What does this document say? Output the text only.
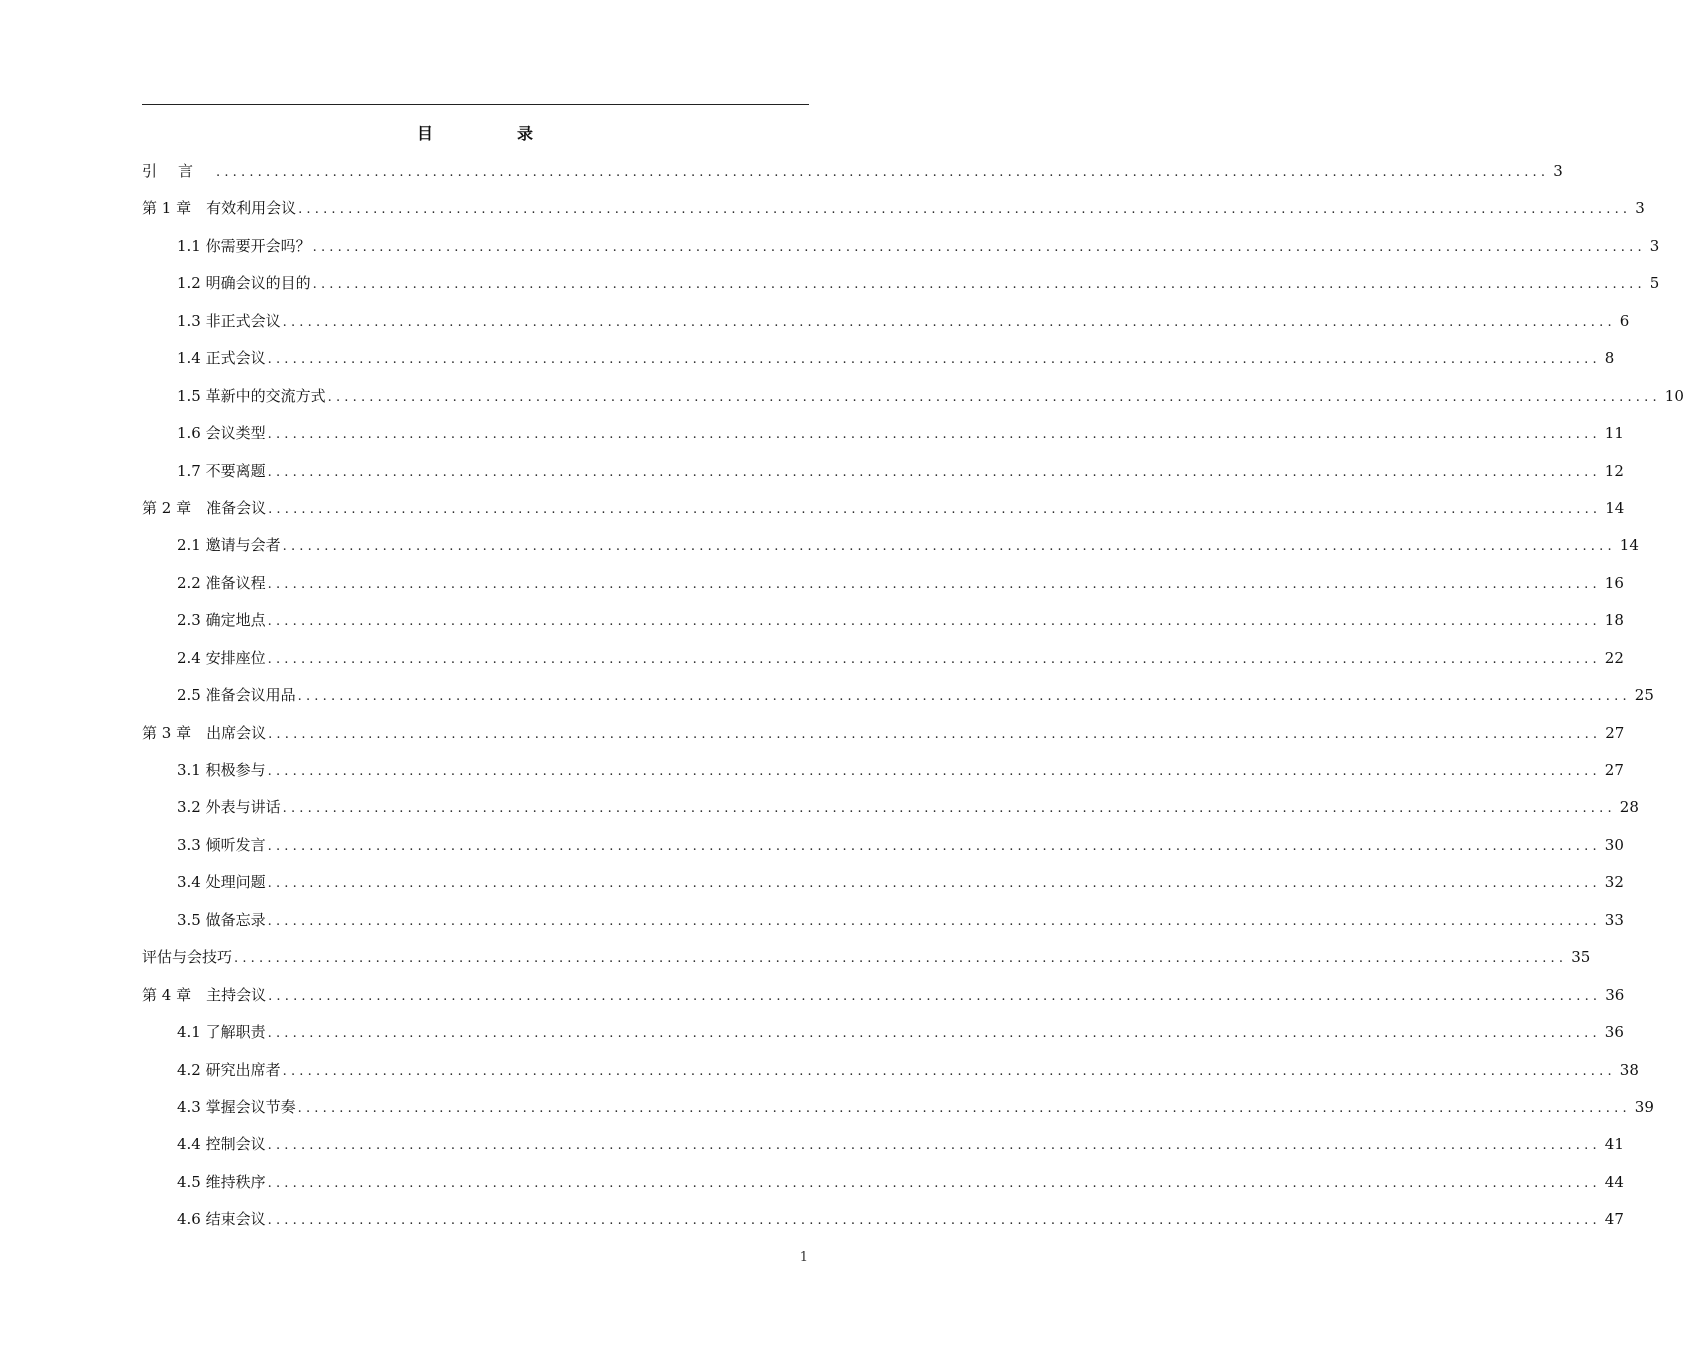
目　录
引言 ................................................................................................................................................................ 3
第 1 章　有效利用会议 ................................................................................................................................................................ 3
1.1 你需要开会吗？ ................................................................................................................................................................ 3
1.2 明确会议的目的 ................................................................................................................................................................ 5
1.3 非正式会议 ................................................................................................................................................................ 6
1.4 正式会议 ................................................................................................................................................................ 8
1.5 革新中的交流方式 ................................................................................................................................................................ 10
1.6 会议类型 ................................................................................................................................................................ 11
1.7 不要离题 ................................................................................................................................................................ 12
第 2 章　准备会议 ................................................................................................................................................................ 14
2.1 邀请与会者 ................................................................................................................................................................ 14
2.2 准备议程 ................................................................................................................................................................ 16
2.3 确定地点 ................................................................................................................................................................ 18
2.4 安排座位 ................................................................................................................................................................ 22
2.5 准备会议用品 ................................................................................................................................................................ 25
第 3 章　出席会议 ................................................................................................................................................................ 27
3.1 积极参与 ................................................................................................................................................................ 27
3.2 外表与讲话 ................................................................................................................................................................ 28
3.3 倾听发言 ................................................................................................................................................................ 30
3.4 处理问题 ................................................................................................................................................................ 32
3.5 做备忘录 ................................................................................................................................................................ 33
评估与会技巧 ................................................................................................................................................................ 35
第 4 章　主持会议 ................................................................................................................................................................ 36
4.1 了解职责 ................................................................................................................................................................ 36
4.2 研究出席者 ................................................................................................................................................................ 38
4.3 掌握会议节奏 ................................................................................................................................................................ 39
4.4 控制会议 ................................................................................................................................................................ 41
4.5 维持秩序 ................................................................................................................................................................ 44
4.6 结束会议 ................................................................................................................................................................ 47
1
